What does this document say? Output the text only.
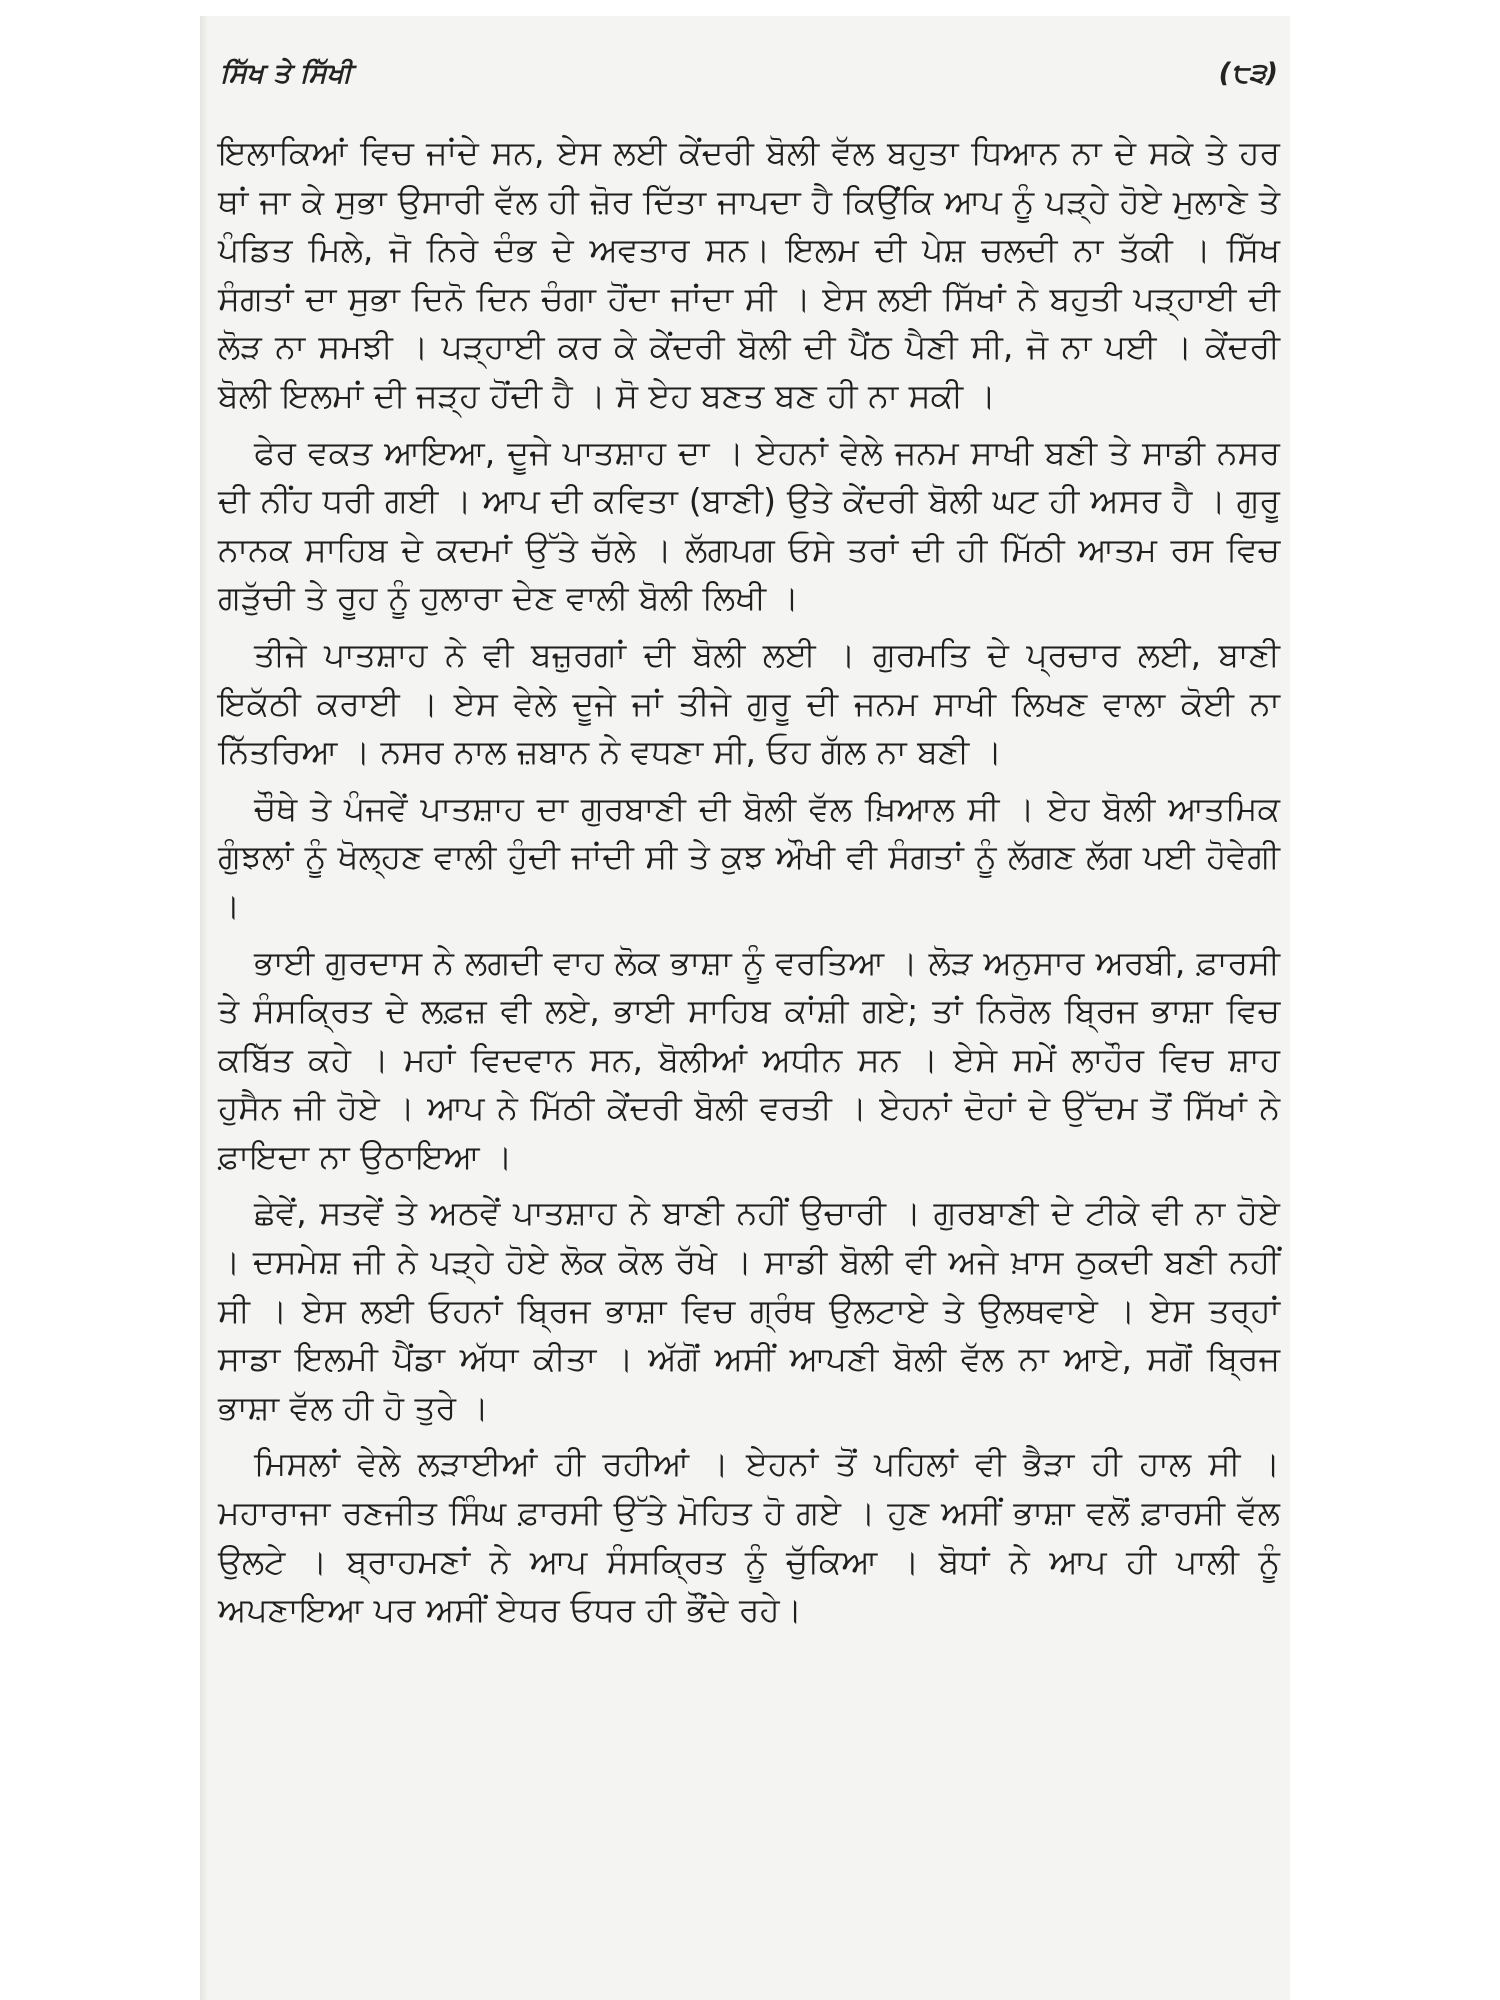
ਸਿੱਖ ਤੇ ਸਿੱਖੀ	(੮੩)

ਇਲਾਕਿਆਂ ਵਿਚ ਜਾਂਦੇ ਸਨ, ਏਸ ਲਈ ਕੇਂਦਰੀ ਬੋਲੀ ਵੱਲ ਬਹੁਤਾ ਧਿਆਨ ਨਾ ਦੇ ਸਕੇ ਤੇ ਹਰ ਥਾਂ ਜਾ ਕੇ ਸੁਭਾ ਉਸਾਰੀ ਵੱਲ ਹੀ ਜ਼ੋਰ ਦਿੱਤਾ ਜਾਪਦਾ ਹੈ ਕਿਉਂਕਿ ਆਪ ਨੂੰ ਪੜ੍ਹੇ ਹੋਏ ਮੁਲਾਣੇ ਤੇ ਪੰਡਿਤ ਮਿਲੇ, ਜੋ ਨਿਰੇ ਦੰਭ ਦੇ ਅਵਤਾਰ ਸਨ। ਇਲਮ ਦੀ ਪੇਸ਼ ਚਲਦੀ ਨਾ ਤੱਕੀ । ਸਿੱਖ ਸੰਗਤਾਂ ਦਾ ਸੁਭਾ ਦਿਨੋ ਦਿਨ ਚੰਗਾ ਹੋਂਦਾ ਜਾਂਦਾ ਸੀ । ਏਸ ਲਈ ਸਿੱਖਾਂ ਨੇ ਬਹੁਤੀ ਪੜ੍ਹਾਈ ਦੀ ਲੋੜ ਨਾ ਸਮਝੀ । ਪੜ੍ਹਾਈ ਕਰ ਕੇ ਕੇਂਦਰੀ ਬੋਲੀ ਦੀ ਪੈਂਠ ਪੈਣੀ ਸੀ, ਜੋ ਨਾ ਪਈ । ਕੇਂਦਰੀ ਬੋਲੀ ਇਲਮਾਂ ਦੀ ਜੜ੍ਹ ਹੋਂਦੀ ਹੈ । ਸੋ ਏਹ ਬਣਤ ਬਣ ਹੀ ਨਾ ਸਕੀ ।

ਫੇਰ ਵਕਤ ਆਇਆ, ਦੂਜੇ ਪਾਤਸ਼ਾਹ ਦਾ । ਏਹਨਾਂ ਵੇਲੇ ਜਨਮ ਸਾਖੀ ਬਣੀ ਤੇ ਸਾਡੀ ਨਸਰ ਦੀ ਨੀਂਹ ਧਰੀ ਗਈ । ਆਪ ਦੀ ਕਵਿਤਾ (ਬਾਣੀ) ਉਤੇ ਕੇਂਦਰੀ ਬੋਲੀ ਘਟ ਹੀ ਅਸਰ ਹੈ । ਗੁਰੂ ਨਾਨਕ ਸਾਹਿਬ ਦੇ ਕਦਮਾਂ ਉੱਤੇ ਚੱਲੇ । ਲੱਗਪਗ ਓਸੇ ਤਰਾਂ ਦੀ ਹੀ ਮਿੱਠੀ ਆਤਮ ਰਸ ਵਿਚ ਗੜੁੱਚੀ ਤੇ ਰੂਹ ਨੂੰ ਹੁਲਾਰਾ ਦੇਣ ਵਾਲੀ ਬੋਲੀ ਲਿਖੀ ।

ਤੀਜੇ ਪਾਤਸ਼ਾਹ ਨੇ ਵੀ ਬਜ਼ੁਰਗਾਂ ਦੀ ਬੋਲੀ ਲਈ । ਗੁਰਮਤਿ ਦੇ ਪ੍ਰਚਾਰ ਲਈ, ਬਾਣੀ ਇਕੱਠੀ ਕਰਾਈ । ਏਸ ਵੇਲੇ ਦੂਜੇ ਜਾਂ ਤੀਜੇ ਗੁਰੂ ਦੀ ਜਨਮ ਸਾਖੀ ਲਿਖਣ ਵਾਲਾ ਕੋਈ ਨਾ ਨਿੱਤਰਿਆ । ਨਸਰ ਨਾਲ ਜ਼ਬਾਨ ਨੇ ਵਧਣਾ ਸੀ, ਓਹ ਗੱਲ ਨਾ ਬਣੀ ।

ਚੌਥੇ ਤੇ ਪੰਜਵੇਂ ਪਾਤਸ਼ਾਹ ਦਾ ਗੁਰਬਾਣੀ ਦੀ ਬੋਲੀ ਵੱਲ ਖ਼ਿਆਲ ਸੀ । ਏਹ ਬੋਲੀ ਆਤਮਿਕ ਗੁੰਝਲਾਂ ਨੂੰ ਖੋਲ੍ਹਣ ਵਾਲੀ ਹੁੰਦੀ ਜਾਂਦੀ ਸੀ ਤੇ ਕੁਝ ਔਖੀ ਵੀ ਸੰਗਤਾਂ ਨੂੰ ਲੱਗਣ ਲੱਗ ਪਈ ਹੋਵੇਗੀ ।

ਭਾਈ ਗੁਰਦਾਸ ਨੇ ਲਗਦੀ ਵਾਹ ਲੋਕ ਭਾਸ਼ਾ ਨੂੰ ਵਰਤਿਆ । ਲੋੜ ਅਨੁਸਾਰ ਅਰਬੀ, ਫ਼ਾਰਸੀ ਤੇ ਸੰਸਕ੍ਰਿਤ ਦੇ ਲਫ਼ਜ਼ ਵੀ ਲਏ, ਭਾਈ ਸਾਹਿਬ ਕਾਂਸ਼ੀ ਗਏ; ਤਾਂ ਨਿਰੋਲ ਬ੍ਰਿਜ ਭਾਸ਼ਾ ਵਿਚ ਕਬਿੱਤ ਕਹੇ । ਮਹਾਂ ਵਿਦਵਾਨ ਸਨ, ਬੋਲੀਆਂ ਅਧੀਨ ਸਨ । ਏਸੇ ਸਮੇਂ ਲਾਹੌਰ ਵਿਚ ਸ਼ਾਹ ਹੁਸੈਨ ਜੀ ਹੋਏ । ਆਪ ਨੇ ਮਿੱਠੀ ਕੇਂਦਰੀ ਬੋਲੀ ਵਰਤੀ । ਏਹਨਾਂ ਦੋਹਾਂ ਦੇ ਉੱਦਮ ਤੋਂ ਸਿੱਖਾਂ ਨੇ ਫ਼ਾਇਦਾ ਨਾ ਉਠਾਇਆ ।

ਛੇਵੇਂ, ਸਤਵੇਂ ਤੇ ਅਠਵੇਂ ਪਾਤਸ਼ਾਹ ਨੇ ਬਾਣੀ ਨਹੀਂ ਉਚਾਰੀ । ਗੁਰਬਾਣੀ ਦੇ ਟੀਕੇ ਵੀ ਨਾ ਹੋਏ । ਦਸਮੇਸ਼ ਜੀ ਨੇ ਪੜ੍ਹੇ ਹੋਏ ਲੋਕ ਕੋਲ ਰੱਖੇ । ਸਾਡੀ ਬੋਲੀ ਵੀ ਅਜੇ ਖ਼ਾਸ ਠੁਕਦੀ ਬਣੀ ਨਹੀਂ ਸੀ । ਏਸ ਲਈ ਓਹਨਾਂ ਬ੍ਰਿਜ ਭਾਸ਼ਾ ਵਿਚ ਗ੍ਰੰਥ ਉਲਟਾਏ ਤੇ ਉਲਥਵਾਏ । ਏਸ ਤਰ੍ਹਾਂ ਸਾਡਾ ਇਲਮੀ ਪੈਂਡਾ ਅੱਧਾ ਕੀਤਾ । ਅੱਗੋਂ ਅਸੀਂ ਆਪਣੀ ਬੋਲੀ ਵੱਲ ਨਾ ਆਏ, ਸਗੋਂ ਬ੍ਰਿਜ ਭਾਸ਼ਾ ਵੱਲ ਹੀ ਹੋ ਤੁਰੇ ।

ਮਿਸਲਾਂ ਵੇਲੇ ਲੜਾਈਆਂ ਹੀ ਰਹੀਆਂ । ਏਹਨਾਂ ਤੋਂ ਪਹਿਲਾਂ ਵੀ ਭੈੜਾ ਹੀ ਹਾਲ ਸੀ । ਮਹਾਰਾਜਾ ਰਣਜੀਤ ਸਿੰਘ ਫ਼ਾਰਸੀ ਉੱਤੇ ਮੋਹਿਤ ਹੋ ਗਏ । ਹੁਣ ਅਸੀਂ ਭਾਸ਼ਾ ਵਲੋਂ ਫ਼ਾਰਸੀ ਵੱਲ ਉਲਟੇ । ਬ੍ਰਾਹਮਣਾਂ ਨੇ ਆਪ ਸੰਸਕ੍ਰਿਤ ਨੂੰ ਚੁੱਕਿਆ । ਬੋਧਾਂ ਨੇ ਆਪ ਹੀ ਪਾਲੀ ਨੂੰ ਅਪਣਾਇਆ ਪਰ ਅਸੀਂ ਏਧਰ ਓਧਰ ਹੀ ਭੌਂਦੇ ਰਹੇ।
